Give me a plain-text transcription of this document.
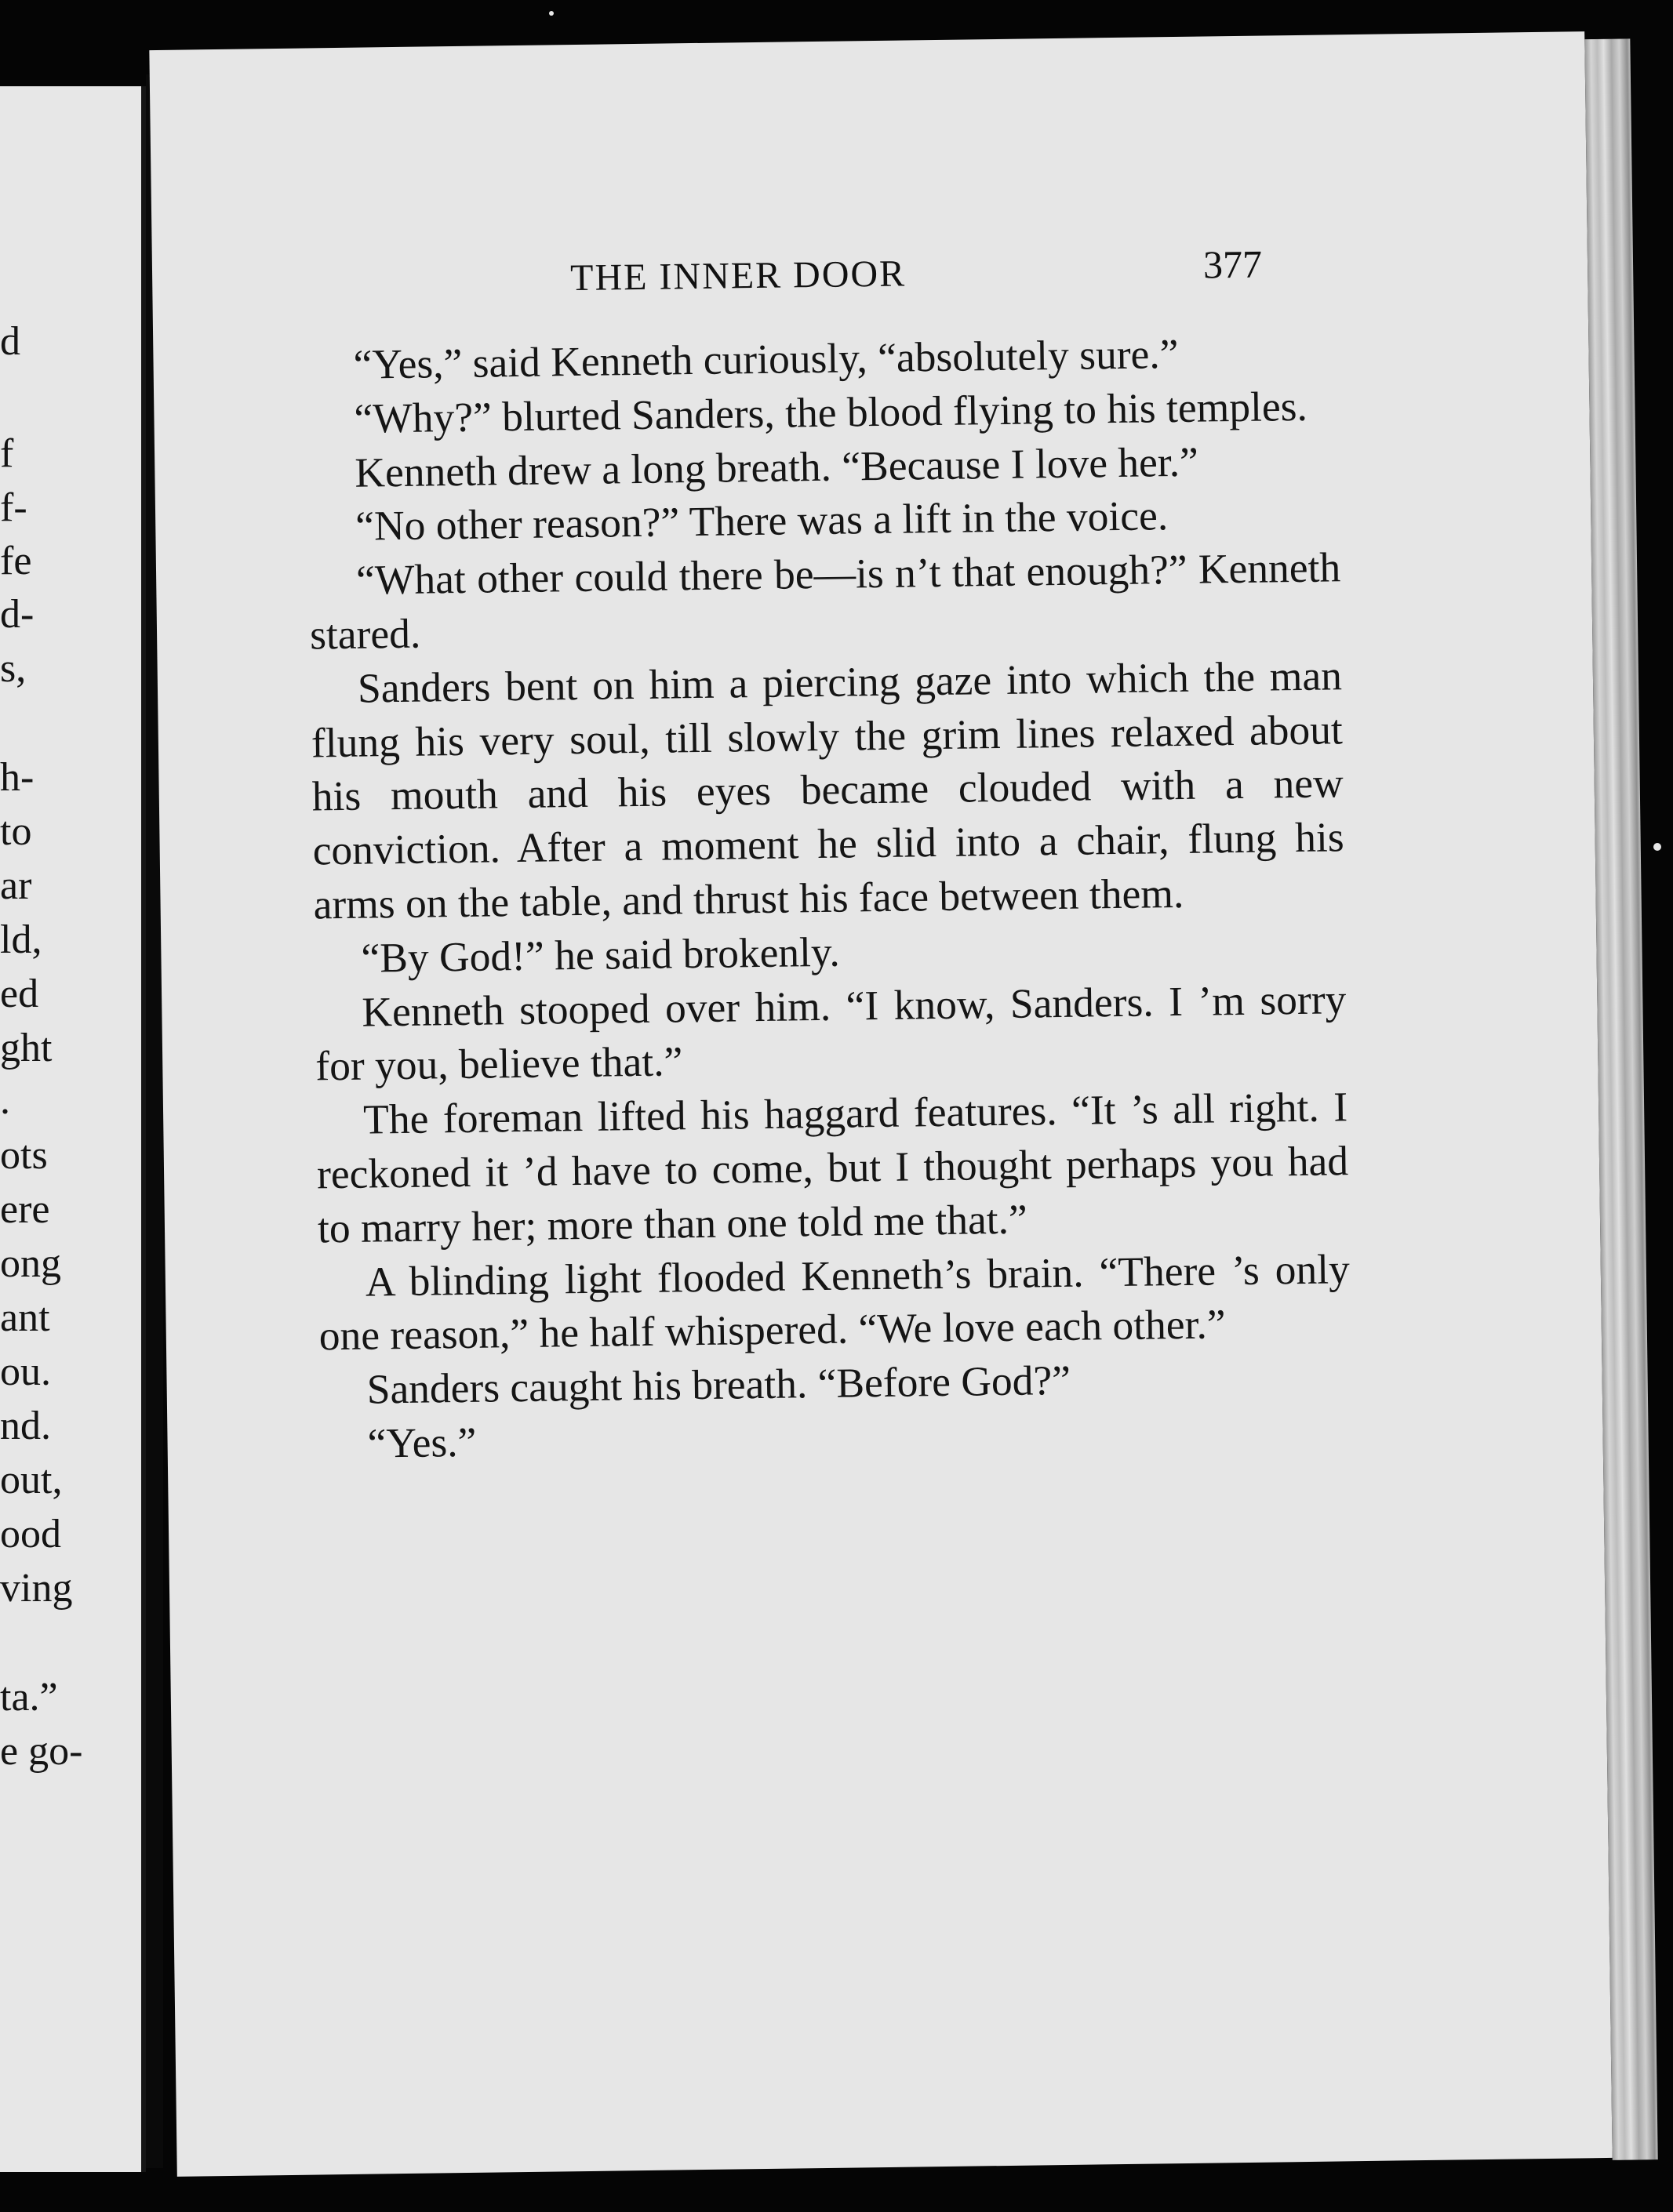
d

f

f-

fe

d-

s,

h-

to

ar

ld,

ed

ght

.

ots

ere

ong

ant

ou.

nd.

out,

ood

ving

ta.”

e go-

THE INNER DOOR	377

“Yes,” said Kenneth curiously, “absolutely sure.”

“Why?” blurted Sanders, the blood flying to his temples.

Kenneth drew a long breath. “Because I love her.”

“No other reason?” There was a lift in the voice.

“What other could there be—is n’t that enough?” Kenneth stared.

Sanders bent on him a piercing gaze into which the man flung his very soul, till slowly the grim lines relaxed about his mouth and his eyes became clouded with a new conviction. After a moment he slid into a chair, flung his arms on the table, and thrust his face between them.

“By God!” he said brokenly.

Kenneth stooped over him. “I know, Sanders. I ’m sorry for you, believe that.”

The foreman lifted his haggard features. “It ’s all right. I reckoned it ’d have to come, but I thought perhaps you had to marry her; more than one told me that.”

A blinding light flooded Kenneth’s brain. “There ’s only one reason,” he half whispered. “We love each other.”

Sanders caught his breath. “Before God?”

“Yes.”
